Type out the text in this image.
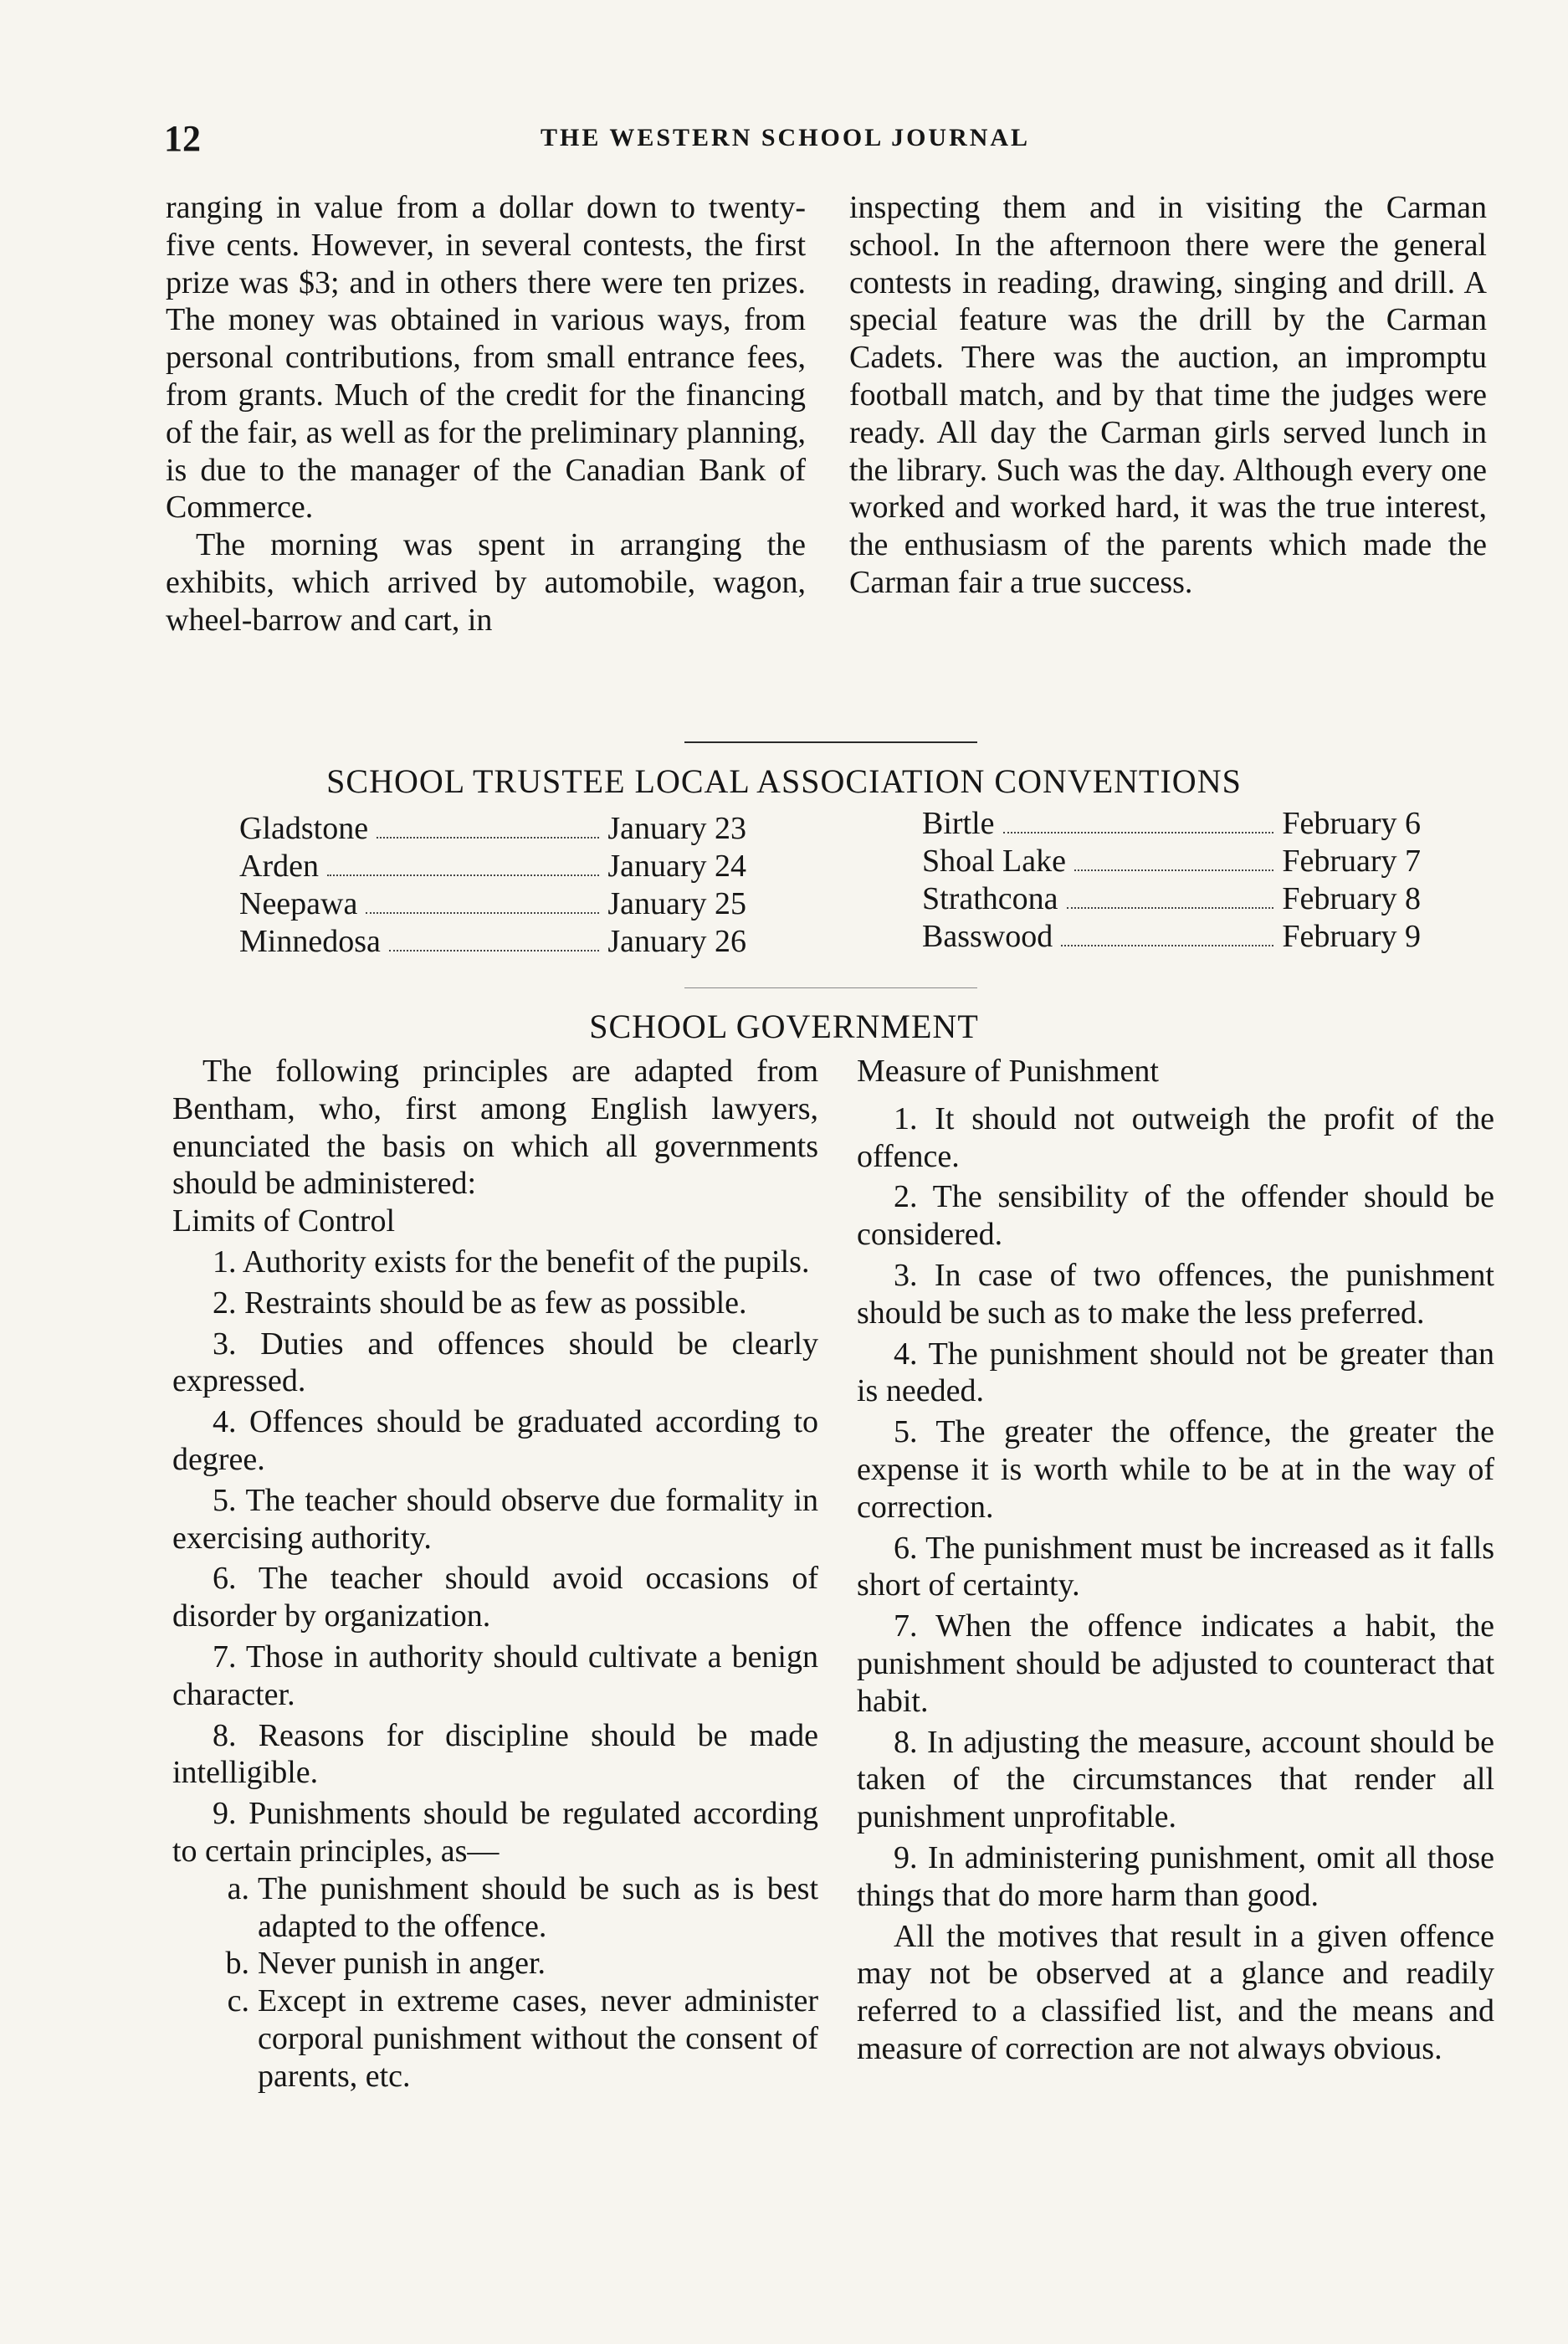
12	THE WESTERN SCHOOL JOURNAL

ranging in value from a dollar down to twenty-five cents. However, in several contests, the first prize was $3; and in others there were ten prizes. The money was obtained in various ways, from personal contributions, from small entrance fees, from grants. Much of the credit for the financing of the fair, as well as for the preliminary planning, is due to the manager of the Canadian Bank of Commerce.

The morning was spent in arranging the exhibits, which arrived by automobile, wagon, wheel-barrow and cart, in

inspecting them and in visiting the Carman school. In the afternoon there were the general contests in reading, drawing, singing and drill. A special feature was the drill by the Carman Cadets. There was the auction, an impromptu football match, and by that time the judges were ready. All day the Carman girls served lunch in the library. Such was the day. Although every one worked and worked hard, it was the true interest, the enthusiasm of the parents which made the Carman fair a true success.

SCHOOL TRUSTEE LOCAL ASSOCIATION CONVENTIONS
Gladstone	January 23
Arden	January 24
Neepawa	January 25
Minnedosa	January 26
Birtle	February 6
Shoal Lake	February 7
Strathcona	February 8
Basswood	February 9
SCHOOL GOVERNMENT

The following principles are adapted from Bentham, who, first among English lawyers, enunciated the basis on which all governments should be administered:

Limits of Control

1. Authority exists for the benefit of the pupils.

2. Restraints should be as few as possible.

3. Duties and offences should be clearly expressed.

4. Offences should be graduated according to degree.

5. The teacher should observe due formality in exercising authority.

6. The teacher should avoid occasions of disorder by organization.

7. Those in authority should cultivate a benign character.

8. Reasons for discipline should be made intelligible.

9. Punishments should be regulated according to certain principles, as—

a. The punishment should be such as is best adapted to the offence.
b. Never punish in anger.
c. Except in extreme cases, never administer corporal punishment without the consent of parents, etc.

Measure of Punishment

1. It should not outweigh the profit of the offence.

2. The sensibility of the offender should be considered.

3. In case of two offences, the punishment should be such as to make the less preferred.

4. The punishment should not be greater than is needed.

5. The greater the offence, the greater the expense it is worth while to be at in the way of correction.

6. The punishment must be increased as it falls short of certainty.

7. When the offence indicates a habit, the punishment should be adjusted to counteract that habit.

8. In adjusting the measure, account should be taken of the circumstances that render all punishment unprofitable.

9. In administering punishment, omit all those things that do more harm than good.

All the motives that result in a given offence may not be observed at a glance and readily referred to a classified list, and the means and measure of correction are not always obvious.
